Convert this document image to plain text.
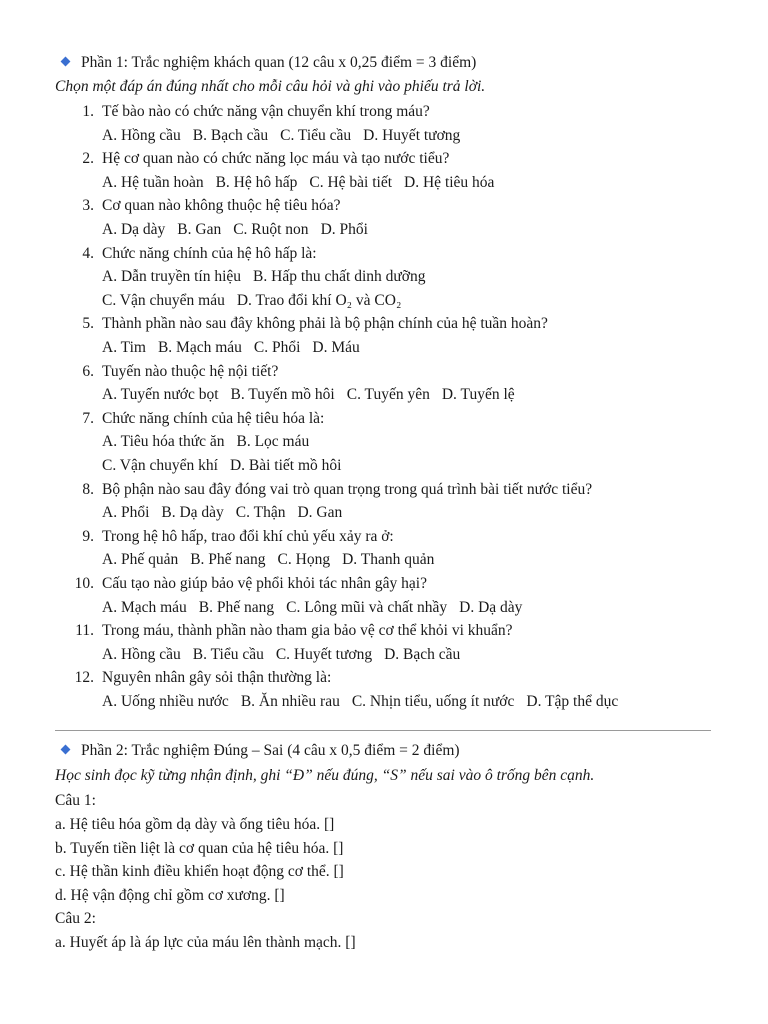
Phần 1: Trắc nghiệm khách quan (12 câu x 0,25 điểm = 3 điểm)
Chọn một đáp án đúng nhất cho mỗi câu hỏi và ghi vào phiếu trả lời.
1. Tế bào nào có chức năng vận chuyển khí trong máu?
A. Hồng cầu B. Bạch cầu C. Tiểu cầu D. Huyết tương
2. Hệ cơ quan nào có chức năng lọc máu và tạo nước tiểu?
A. Hệ tuần hoàn B. Hệ hô hấp C. Hệ bài tiết D. Hệ tiêu hóa
3. Cơ quan nào không thuộc hệ tiêu hóa?
A. Dạ dày B. Gan C. Ruột non D. Phổi
4. Chức năng chính của hệ hô hấp là:
A. Dẫn truyền tín hiệu B. Hấp thu chất dinh dưỡng
C. Vận chuyển máu D. Trao đổi khí O₂ và CO₂
5. Thành phần nào sau đây không phải là bộ phận chính của hệ tuần hoàn?
A. Tim B. Mạch máu C. Phổi D. Máu
6. Tuyến nào thuộc hệ nội tiết?
A. Tuyến nước bọt B. Tuyến mồ hôi C. Tuyến yên D. Tuyến lệ
7. Chức năng chính của hệ tiêu hóa là:
A. Tiêu hóa thức ăn B. Lọc máu
C. Vận chuyển khí D. Bài tiết mồ hôi
8. Bộ phận nào sau đây đóng vai trò quan trọng trong quá trình bài tiết nước tiểu?
A. Phổi B. Dạ dày C. Thận D. Gan
9. Trong hệ hô hấp, trao đổi khí chủ yếu xảy ra ở:
A. Phế quản B. Phế nang C. Họng D. Thanh quản
10. Cấu tạo nào giúp bảo vệ phổi khỏi tác nhân gây hại?
A. Mạch máu B. Phế nang C. Lông mũi và chất nhầy D. Dạ dày
11. Trong máu, thành phần nào tham gia bảo vệ cơ thể khỏi vi khuẩn?
A. Hồng cầu B. Tiểu cầu C. Huyết tương D. Bạch cầu
12. Nguyên nhân gây sỏi thận thường là:
A. Uống nhiều nước B. Ăn nhiều rau C. Nhịn tiểu, uống ít nước D. Tập thể dục
Phần 2: Trắc nghiệm Đúng – Sai (4 câu x 0,5 điểm = 2 điểm)
Học sinh đọc kỹ từng nhận định, ghi “Đ” nếu đúng, “S” nếu sai vào ô trống bên cạnh.
Câu 1:
a. Hệ tiêu hóa gồm dạ dày và ống tiêu hóa. []
b. Tuyến tiền liệt là cơ quan của hệ tiêu hóa. []
c. Hệ thần kinh điều khiển hoạt động cơ thể. []
d. Hệ vận động chỉ gồm cơ xương. []
Câu 2:
a. Huyết áp là áp lực của máu lên thành mạch. []
